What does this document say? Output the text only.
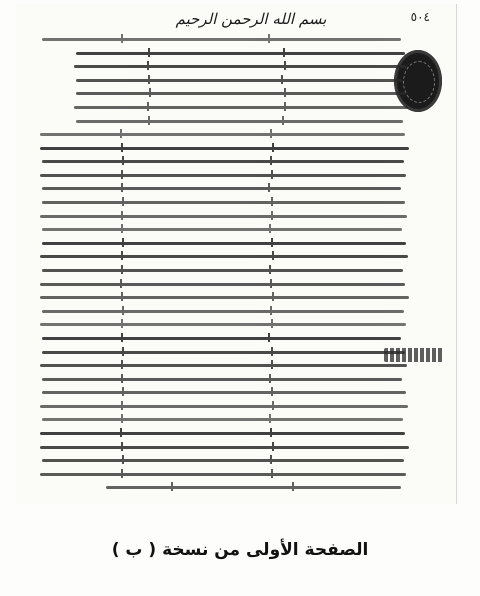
٥٠٤
بسم الله الرحمن الرحيم
الصفحة الأولى من نسخة ( ب )
